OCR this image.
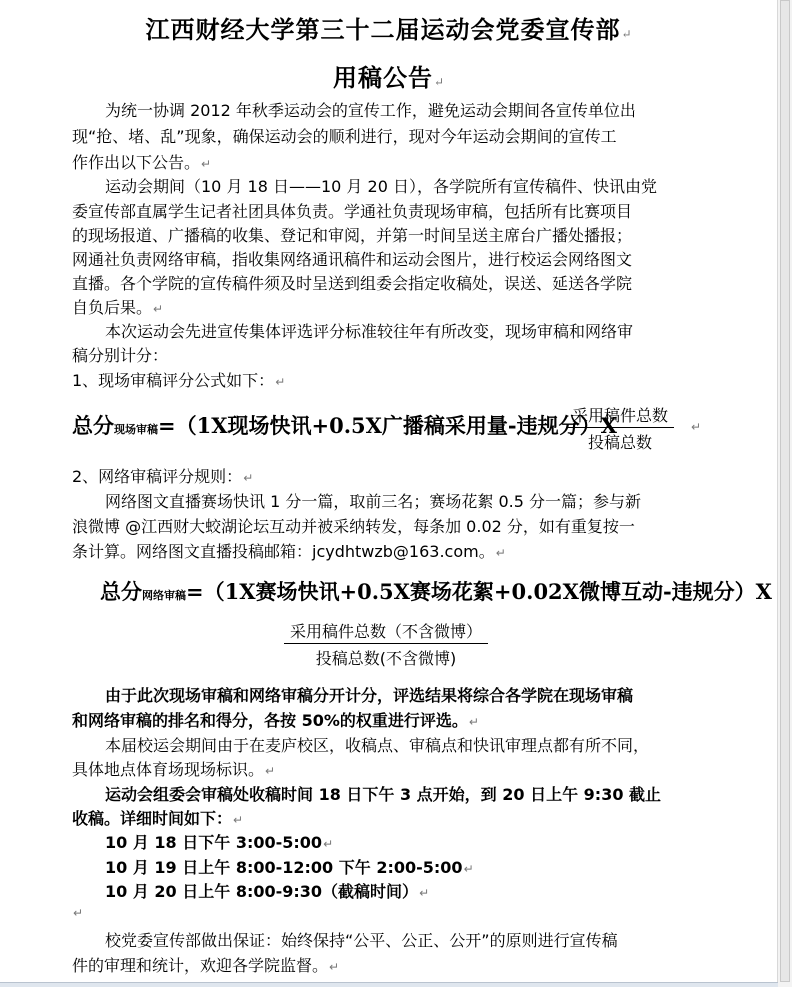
江西财经大学第三十二届运动会党委宣传部↵
用稿公告↵
为统一协调 2012 年秋季运动会的宣传工作，避免运动会期间各宣传单位出
现“抢、堵、乱”现象，确保运动会的顺利进行，现对今年运动会期间的宣传工
作作出以下公告。↵
运动会期间（10 月 18 日——10 月 20 日），各学院所有宣传稿件、快讯由党
委宣传部直属学生记者社团具体负责。学通社负责现场审稿，包括所有比赛项目
的现场报道、广播稿的收集、登记和审阅，并第一时间呈送主席台广播处播报；
网通社负责网络审稿，指收集网络通讯稿件和运动会图片，进行校运会网络图文
直播。各个学院的宣传稿件须及时呈送到组委会指定收稿处，误送、延送各学院
自负后果。↵
本次运动会先进宣传集体评选评分标准较往年有所改变，现场审稿和网络审
稿分别计分：
1、现场审稿评分公式如下：↵
总分现场审稿=（1X现场快讯+0.5X广播稿采用量-违规分）X
采用稿件总数
投稿总数
↵
2、网络审稿评分规则：↵
网络图文直播赛场快讯 1 分一篇，取前三名；赛场花絮 0.5 分一篇；参与新
浪微博 @江西财大蛟湖论坛互动并被采纳转发，每条加 0.02 分，如有重复按一
条计算。网络图文直播投稿邮箱：jcydhtwzb@163.com。↵
总分网络审稿=（1X赛场快讯+0.5X赛场花絮+0.02X微博互动-违规分）X
采用稿件总数（不含微博）
投稿总数(不含微博)
由于此次现场审稿和网络审稿分开计分，评选结果将综合各学院在现场审稿
和网络审稿的排名和得分，各按 50%的权重进行评选。↵
本届校运会期间由于在麦庐校区，收稿点、审稿点和快讯审理点都有所不同，
具体地点体育场现场标识。↵
运动会组委会审稿处收稿时间 18 日下午 3 点开始，到 20 日上午 9:30 截止
收稿。详细时间如下：↵
10 月 18 日下午 3:00-5:00↵
10 月 19 日上午 8:00-12:00 下午 2:00-5:00↵
10 月 20 日上午 8:00-9:30（截稿时间）↵
↵
校党委宣传部做出保证：始终保持“公平、公正、公开”的原则进行宣传稿
件的审理和统计，欢迎各学院监督。↵
